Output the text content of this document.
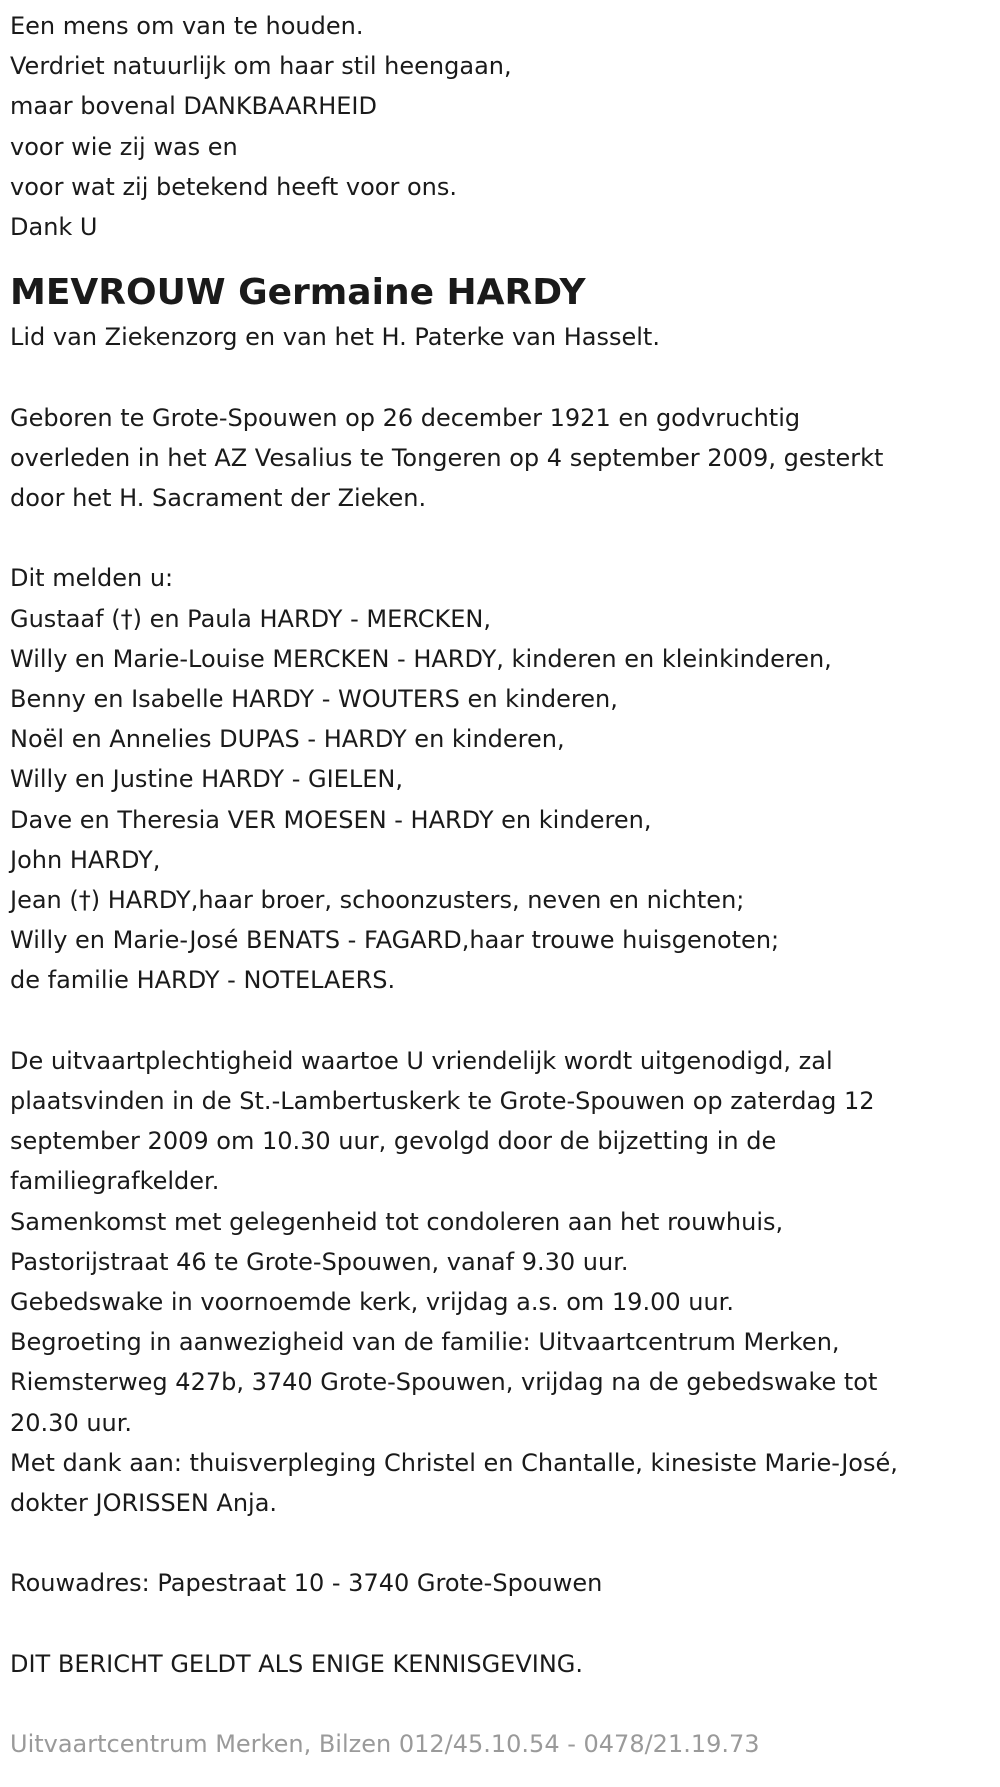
Een mens om van te houden.

Verdriet natuurlijk om haar stil heengaan,

maar bovenal DANKBAARHEID

voor wie zij was en

voor wat zij betekend heeft voor ons.

Dank U

MEVROUW Germaine HARDY

Lid van Ziekenzorg en van het H. Paterke van Hasselt.

Geboren te Grote-Spouwen op 26 december 1921 en godvruchtig

overleden in het AZ Vesalius te Tongeren op 4 september 2009, gesterkt

door het H. Sacrament der Zieken.

Dit melden u:

Gustaaf (†) en Paula HARDY - MERCKEN,

Willy en Marie-Louise MERCKEN - HARDY, kinderen en kleinkinderen,

Benny en Isabelle HARDY - WOUTERS en kinderen,

Noël en Annelies DUPAS - HARDY en kinderen,

Willy en Justine HARDY - GIELEN,

Dave en Theresia VER MOESEN - HARDY en kinderen,

John HARDY,

Jean (†) HARDY,haar broer, schoonzusters, neven en nichten;

Willy en Marie-José BENATS - FAGARD,haar trouwe huisgenoten;

de familie HARDY - NOTELAERS.

De uitvaartplechtigheid waartoe U vriendelijk wordt uitgenodigd, zal

plaatsvinden in de St.-Lambertuskerk te Grote-Spouwen op zaterdag 12

september 2009 om 10.30 uur, gevolgd door de bijzetting in de

familiegrafkelder.

Samenkomst met gelegenheid tot condoleren aan het rouwhuis,

Pastorijstraat 46 te Grote-Spouwen, vanaf 9.30 uur.

Gebedswake in voornoemde kerk, vrijdag a.s. om 19.00 uur.

Begroeting in aanwezigheid van de familie: Uitvaartcentrum Merken,

Riemsterweg 427b, 3740 Grote-Spouwen, vrijdag na de gebedswake tot

20.30 uur.

Met dank aan: thuisverpleging Christel en Chantalle, kinesiste Marie-José,

dokter JORISSEN Anja.

Rouwadres: Papestraat 10 - 3740 Grote-Spouwen

DIT BERICHT GELDT ALS ENIGE KENNISGEVING.

Uitvaartcentrum Merken, Bilzen 012/45.10.54 - 0478/21.19.73
